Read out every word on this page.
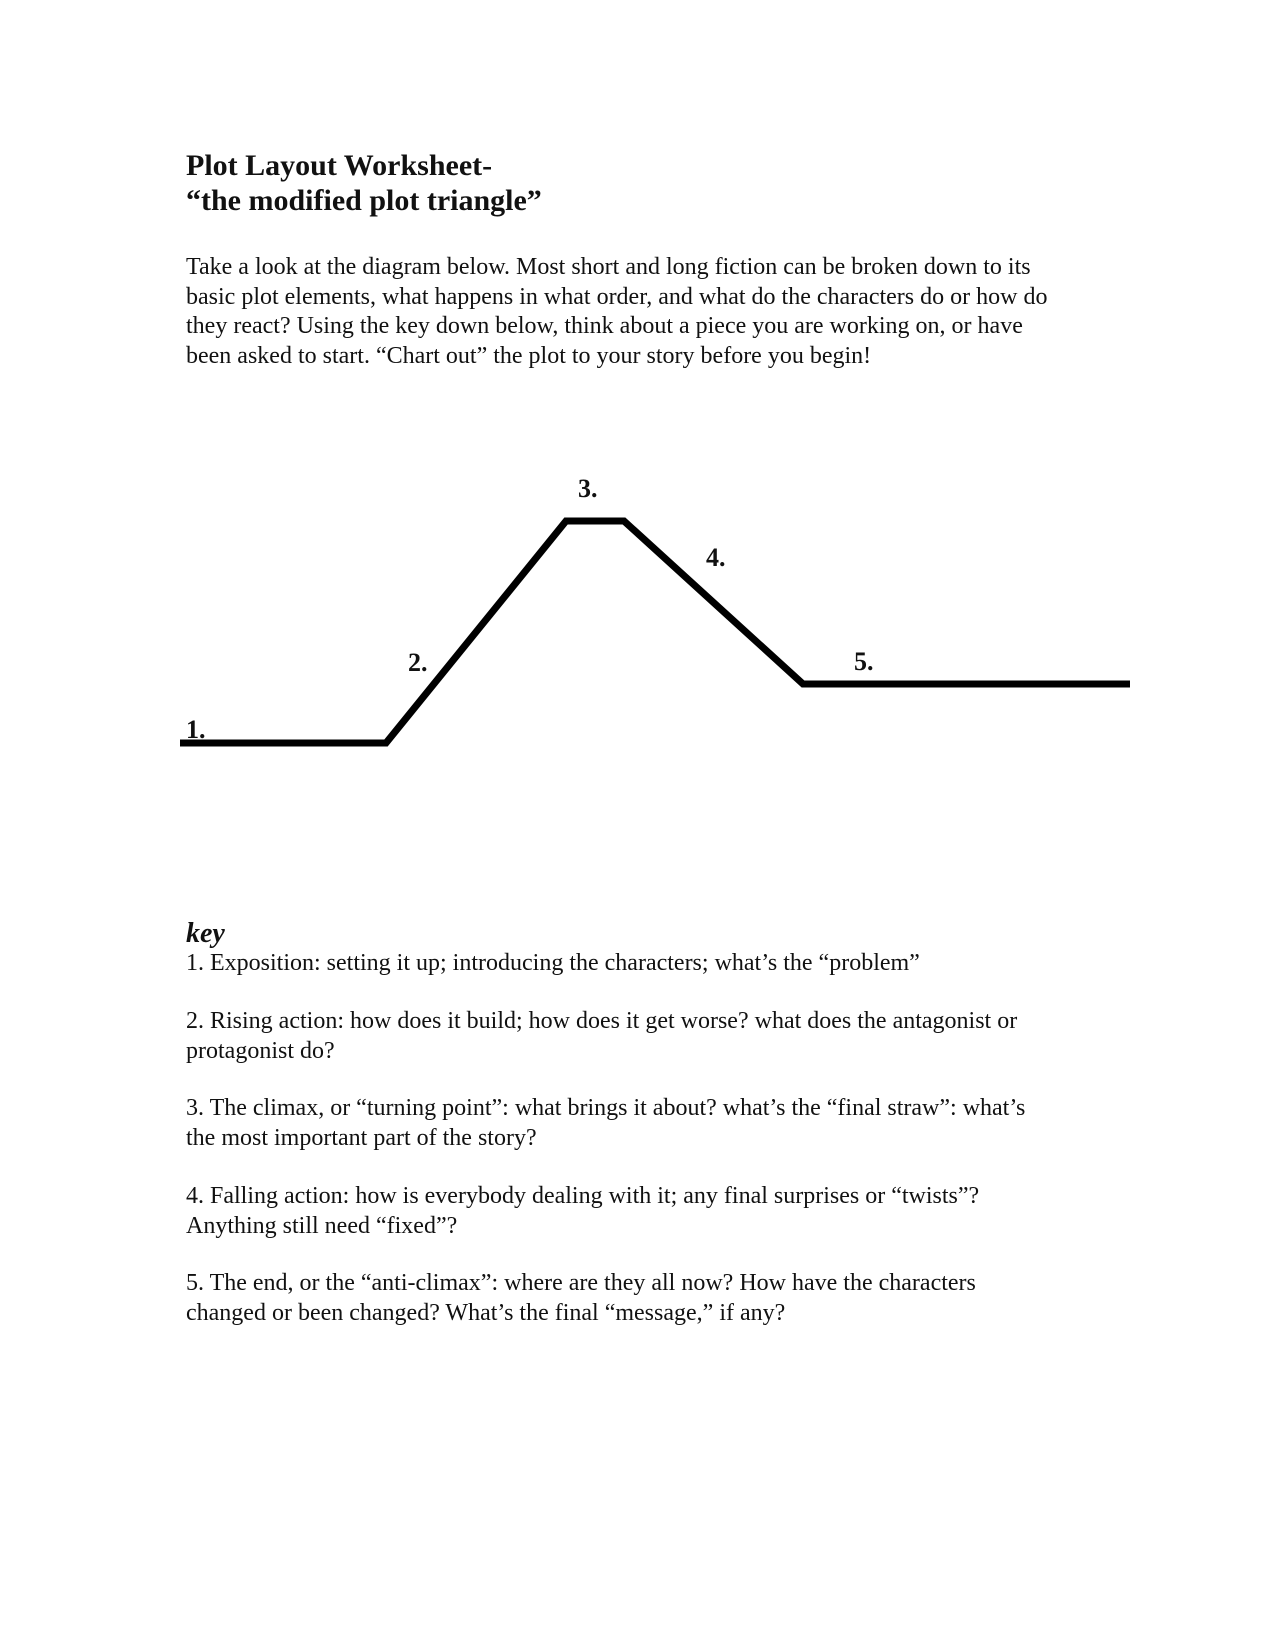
Plot Layout Worksheet-
“the modified plot triangle”

Take a look at the diagram below. Most short and long fiction can be broken down to its
basic plot elements, what happens in what order, and what do the characters do or how do
they react? Using the key down below, think about a piece you are working on, or have
been asked to start. “Chart out” the plot to your story before you begin!

1.
2.
3.
4.
5.
key

1. Exposition: setting it up; introducing the characters; what’s the “problem”

2. Rising action: how does it build; how does it get worse? what does the antagonist or
protagonist do?

3. The climax, or “turning point”: what brings it about? what’s the “final straw”: what’s
the most important part of the story?

4. Falling action: how is everybody dealing with it; any final surprises or “twists”?
Anything still need “fixed”?

5. The end, or the “anti-climax”: where are they all now? How have the characters
changed or been changed? What’s the final “message,” if any?
